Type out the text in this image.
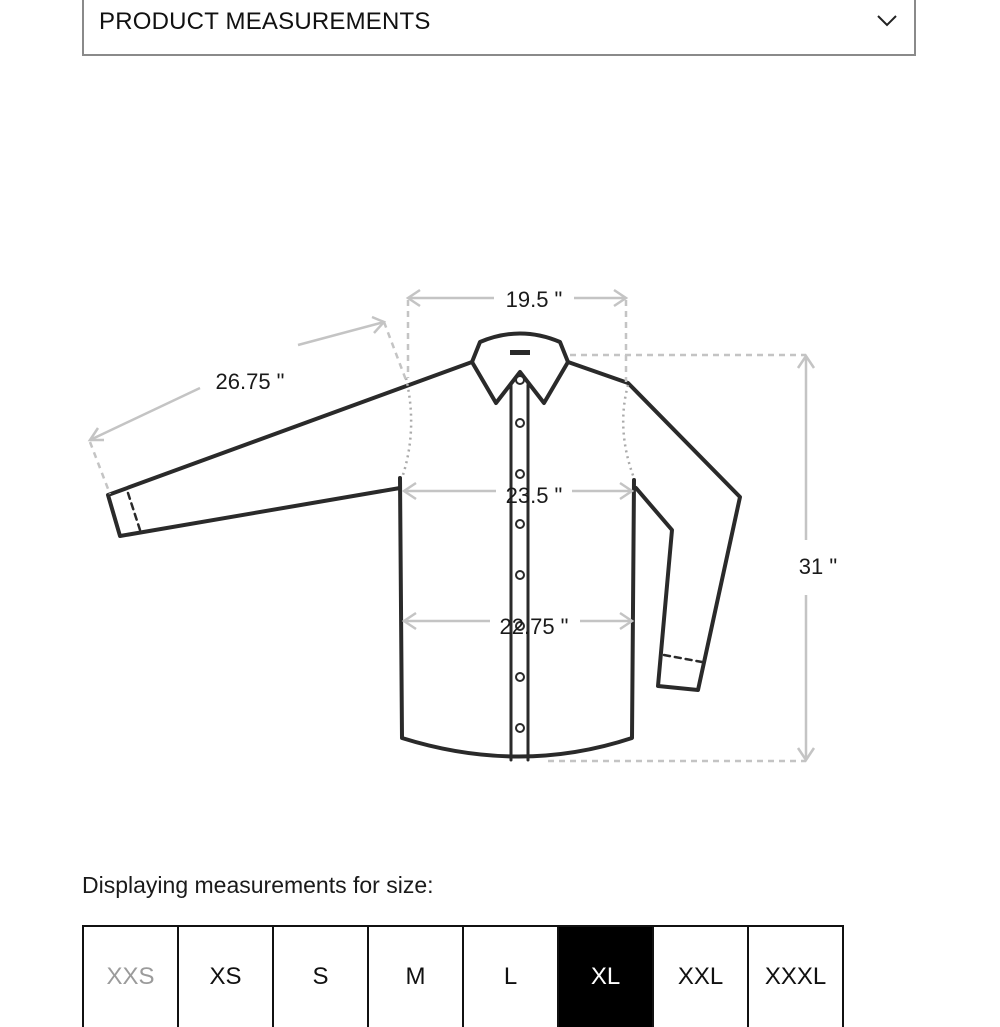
PRODUCT MEASUREMENTS
19.5 "
26.75 "
23.5 "
22.75 "
31 "
Displaying measurements for size:
XXS	XS	S	M	L	XL	XXL	XXXL
